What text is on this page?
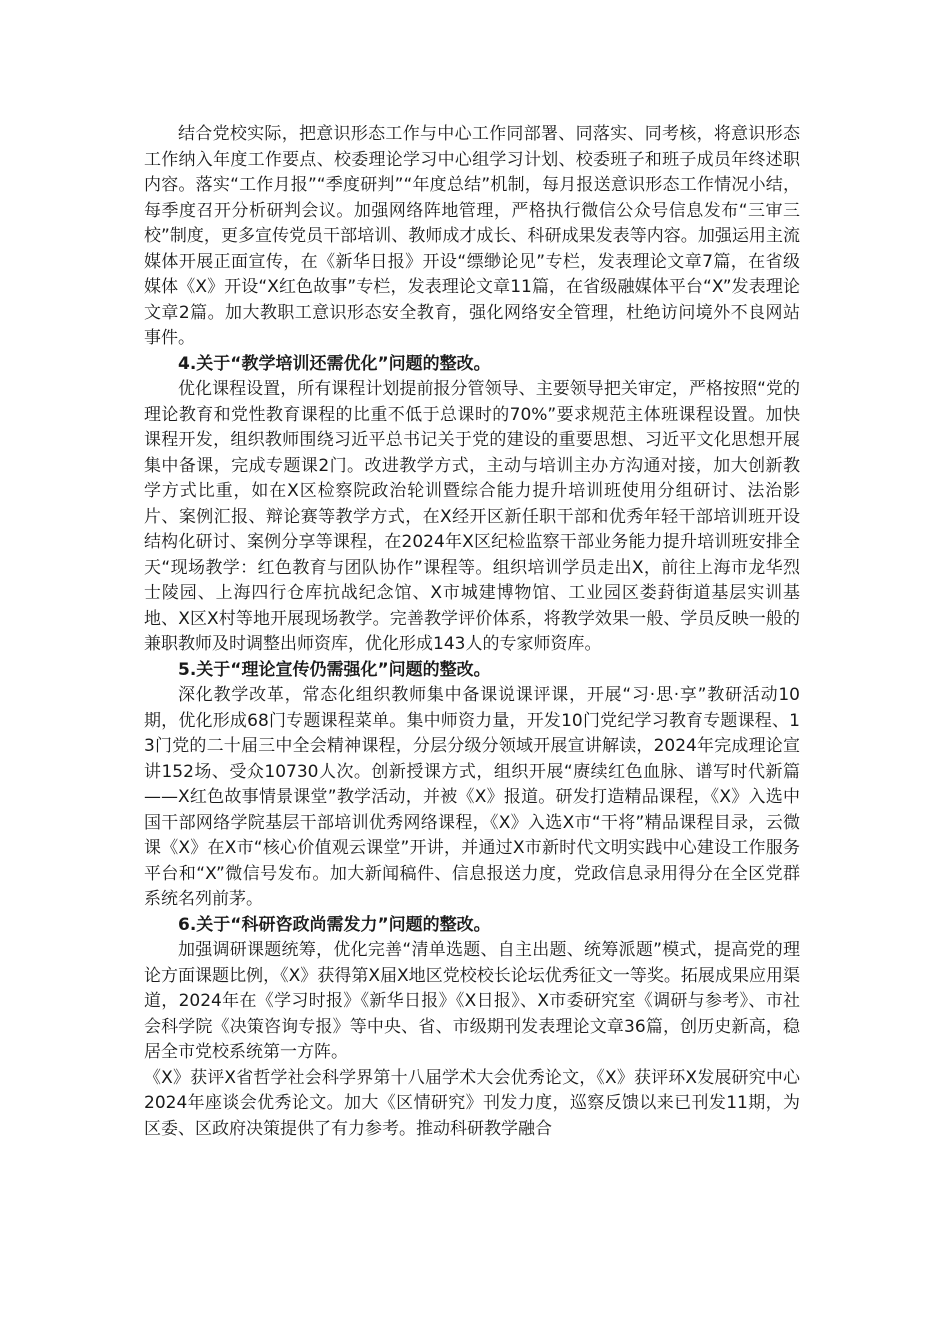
结合党校实际，把意识形态工作与中心工作同部署、同落实、同考核，将意识形态工作纳入年度工作要点、校委理论学习中心组学习计划、校委班子和班子成员年终述职内容。落实“工作月报”“季度研判”“年度总结”机制，每月报送意识形态工作情况小结，每季度召开分析研判会议。加强网络阵地管理，严格执行微信公众号信息发布“三审三校”制度，更多宣传党员干部培训、教师成才成长、科研成果发表等内容。加强运用主流媒体开展正面宣传，在《新华日报》开设“缥缈论见”专栏，发表理论文章7篇，在省级媒体《X》开设“X红色故事”专栏，发表理论文章11篇，在省级融媒体平台“X”发表理论文章2篇。加大教职工意识形态安全教育，强化网络安全管理，杜绝访问境外不良网站事件。

4.关于“教学培训还需优化”问题的整改。

优化课程设置，所有课程计划提前报分管领导、主要领导把关审定，严格按照“党的理论教育和党性教育课程的比重不低于总课时的70%”要求规范主体班课程设置。加快课程开发，组织教师围绕习近平总书记关于党的建设的重要思想、习近平文化思想开展集中备课，完成专题课2门。改进教学方式，主动与培训主办方沟通对接，加大创新教学方式比重，如在X区检察院政治轮训暨综合能力提升培训班使用分组研讨、法治影片、案例汇报、辩论赛等教学方式，在X经开区新任职干部和优秀年轻干部培训班开设结构化研讨、案例分享等课程，在2024年X区纪检监察干部业务能力提升培训班安排全天“现场教学：红色教育与团队协作”课程等。组织培训学员走出X，前往上海市龙华烈士陵园、上海四行仓库抗战纪念馆、X市城建博物馆、工业园区娄葑街道基层实训基地、X区X村等地开展现场教学。完善教学评价体系，将教学效果一般、学员反映一般的兼职教师及时调整出师资库，优化形成143人的专家师资库。

5.关于“理论宣传仍需强化”问题的整改。

深化教学改革，常态化组织教师集中备课说课评课，开展“习·思·享”教研活动10期，优化形成68门专题课程菜单。集中师资力量，开发10门党纪学习教育专题课程、13门党的二十届三中全会精神课程，分层分级分领域开展宣讲解读，2024年完成理论宣讲152场、受众10730人次。创新授课方式，组织开展“赓续红色血脉、谱写时代新篇——X红色故事情景课堂”教学活动，并被《X》报道。研发打造精品课程，《X》入选中国干部网络学院基层干部培训优秀网络课程，《X》入选X市“干将”精品课程目录，云微课《X》在X市“核心价值观云课堂”开讲，并通过X市新时代文明实践中心建设工作服务平台和“X”微信号发布。加大新闻稿件、信息报送力度，党政信息录用得分在全区党群系统名列前茅。

6.关于“科研咨政尚需发力”问题的整改。

加强调研课题统筹，优化完善“清单选题、自主出题、统筹派题”模式，提高党的理论方面课题比例，《X》获得第X届X地区党校校长论坛优秀征文一等奖。拓展成果应用渠道，2024年在《学习时报》《新华日报》《X日报》、X市委研究室《调研与参考》、市社会科学院《决策咨询专报》等中央、省、市级期刊发表理论文章36篇，创历史新高，稳居全市党校系统第一方阵。

《X》获评X省哲学社会科学界第十八届学术大会优秀论文，《X》获评环X发展研究中心2024年座谈会优秀论文。加大《区情研究》刊发力度，巡察反馈以来已刊发11期，为区委、区政府决策提供了有力参考。推动科研教学融合
